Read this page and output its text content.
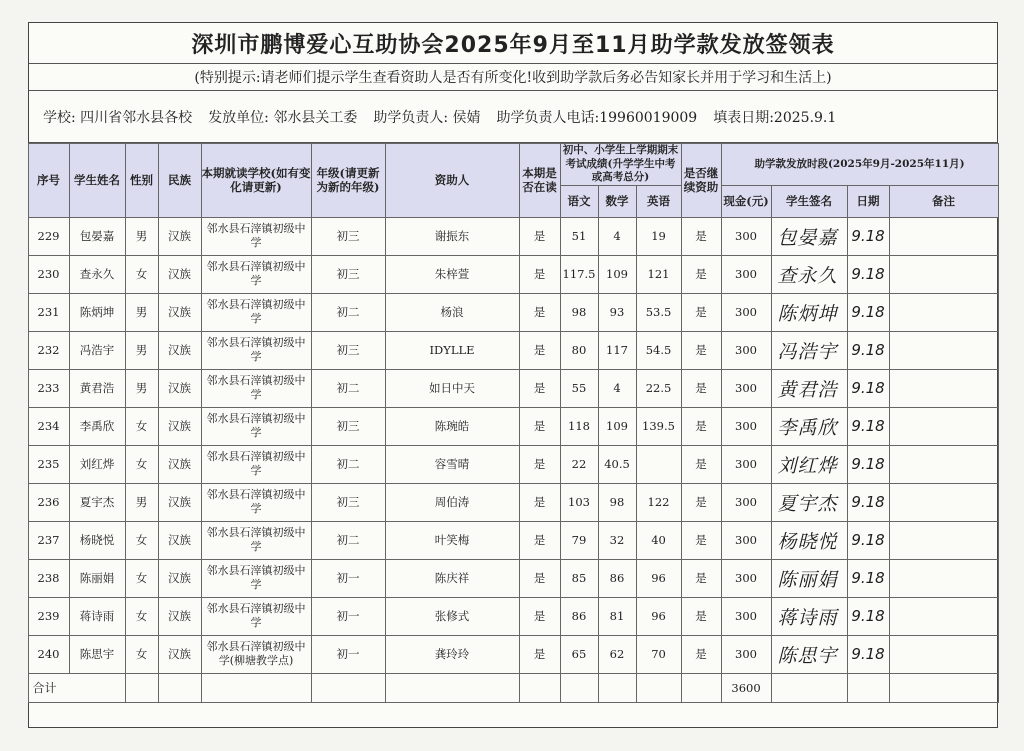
深圳市鹏博爱心互助协会2025年9月至11月助学款发放签领表
(特别提示:请老师们提示学生查看资助人是否有所变化!收到助学款后务必告知家长并用于学习和生活上)
学校: 四川省邻水县各校 发放单位: 邻水县关工委 助学负责人: 侯婧 助学负责人电话:19960019009 填表日期:2025.9.1
序号	学生姓名	性别	民族	本期就读学校(如有变化请更新)	年级(请更新为新的年级)	资助人	本期是否在读	初中、小学生上学期期末考试成绩(升学学生中考或高考总分)			是否继续资助	助学款发放时段(2025年9月-2025年11月)			
								语文	数学	英语		现金(元)	学生签名	日期	备注
229	包晏嘉	男	汉族	邻水县石滓镇初级中学	初三	谢振东	是	51	4	19	是	300	包晏嘉	9.18	
230	查永久	女	汉族	邻水县石滓镇初级中学	初三	朱梓萱	是	117.5	109	121	是	300	查永久	9.18	
231	陈炳坤	男	汉族	邻水县石滓镇初级中学	初二	杨浪	是	98	93	53.5	是	300	陈炳坤	9.18	
232	冯浩宇	男	汉族	邻水县石滓镇初级中学	初三	IDYLLE	是	80	117	54.5	是	300	冯浩宇	9.18	
233	黄君浩	男	汉族	邻水县石滓镇初级中学	初二	如日中天	是	55	4	22.5	是	300	黄君浩	9.18	
234	李禹欣	女	汉族	邻水县石滓镇初级中学	初三	陈琬皓	是	118	109	139.5	是	300	李禹欣	9.18	
235	刘红烨	女	汉族	邻水县石滓镇初级中学	初二	容雪晴	是	22	40.5		是	300	刘红烨	9.18	
236	夏宇杰	男	汉族	邻水县石滓镇初级中学	初三	周伯涛	是	103	98	122	是	300	夏宇杰	9.18	
237	杨晓悦	女	汉族	邻水县石滓镇初级中学	初二	叶笑梅	是	79	32	40	是	300	杨晓悦	9.18	
238	陈丽娟	女	汉族	邻水县石滓镇初级中学	初一	陈庆祥	是	85	86	96	是	300	陈丽娟	9.18	
239	蒋诗雨	女	汉族	邻水县石滓镇初级中学	初一	张修式	是	86	81	96	是	300	蒋诗雨	9.18	
240	陈思宇	女	汉族	邻水县石滓镇初级中学(柳塘教学点)	初一	龚玲玲	是	65	62	70	是	300	陈思宇	9.18	
合计												3600			
